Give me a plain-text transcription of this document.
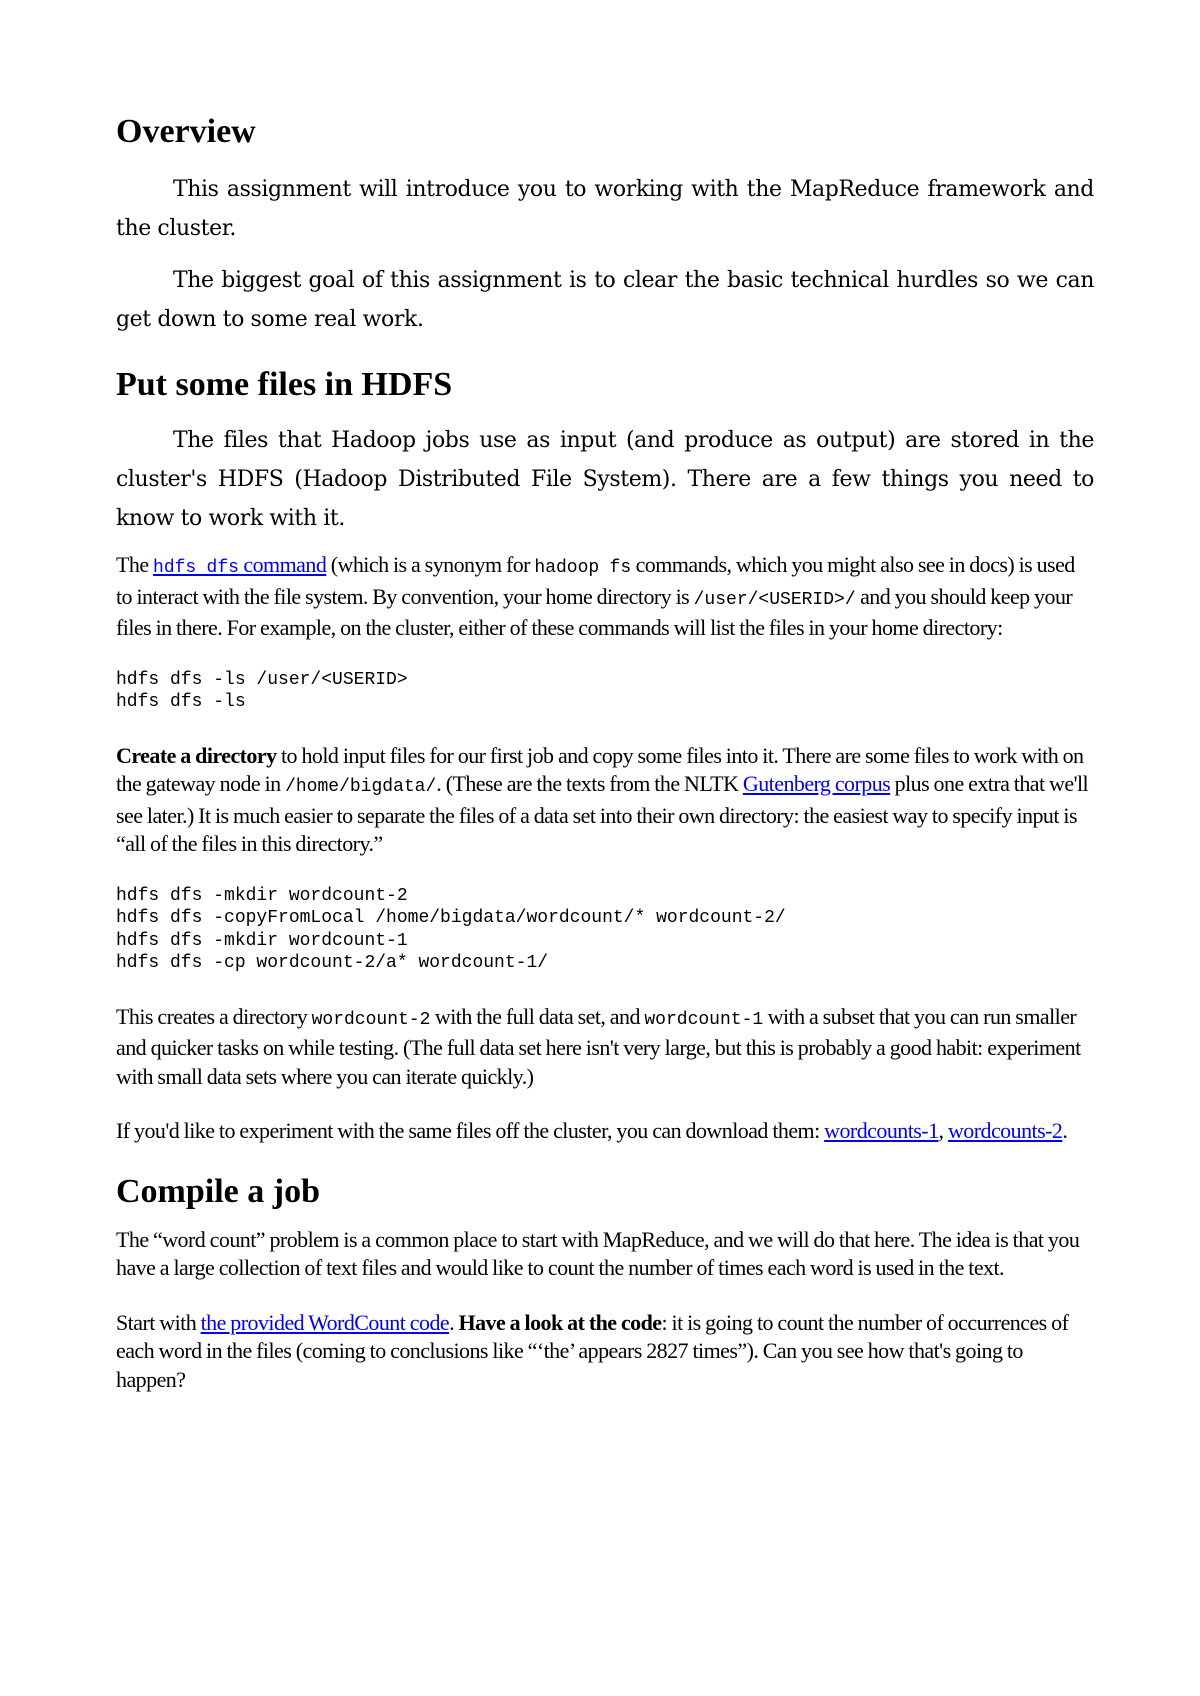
Overview

This assignment will introduce you to working with the MapReduce framework and the cluster.

The biggest goal of this assignment is to clear the basic technical hurdles so we can get down to some real work.

Put some files in HDFS

The files that Hadoop jobs use as input (and produce as output) are stored in the cluster's HDFS (Hadoop Distributed File System). There are a few things you need to know to work with it.

The hdfs dfs command (which is a synonym for hadoop fs commands, which you might also see in docs) is used to interact with the file system. By convention, your home directory is /user/<USERID>/ and you should keep your files in there. For example, on the cluster, either of these commands will list the files in your home directory:

hdfs dfs -ls /user/<USERID>
hdfs dfs -ls

Create a directory to hold input files for our first job and copy some files into it. There are some files to work with on the gateway node in /home/bigdata/. (These are the texts from the NLTK Gutenberg corpus plus one extra that we'll see later.) It is much easier to separate the files of a data set into their own directory: the easiest way to specify input is “all of the files in this directory.”

hdfs dfs -mkdir wordcount-2
hdfs dfs -copyFromLocal /home/bigdata/wordcount/* wordcount-2/
hdfs dfs -mkdir wordcount-1
hdfs dfs -cp wordcount-2/a* wordcount-1/

This creates a directory wordcount-2 with the full data set, and wordcount-1 with a subset that you can run smaller and quicker tasks on while testing. (The full data set here isn't very large, but this is probably a good habit: experiment with small data sets where you can iterate quickly.)

If you'd like to experiment with the same files off the cluster, you can download them: wordcounts-1, wordcounts-2.

Compile a job

The “word count” problem is a common place to start with MapReduce, and we will do that here. The idea is that you have a large collection of text files and would like to count the number of times each word is used in the text.

Start with the provided WordCount code. Have a look at the code: it is going to count the number of occurrences of each word in the files (coming to conclusions like “‘the’ appears 2827 times”). Can you see how that's going to happen?
